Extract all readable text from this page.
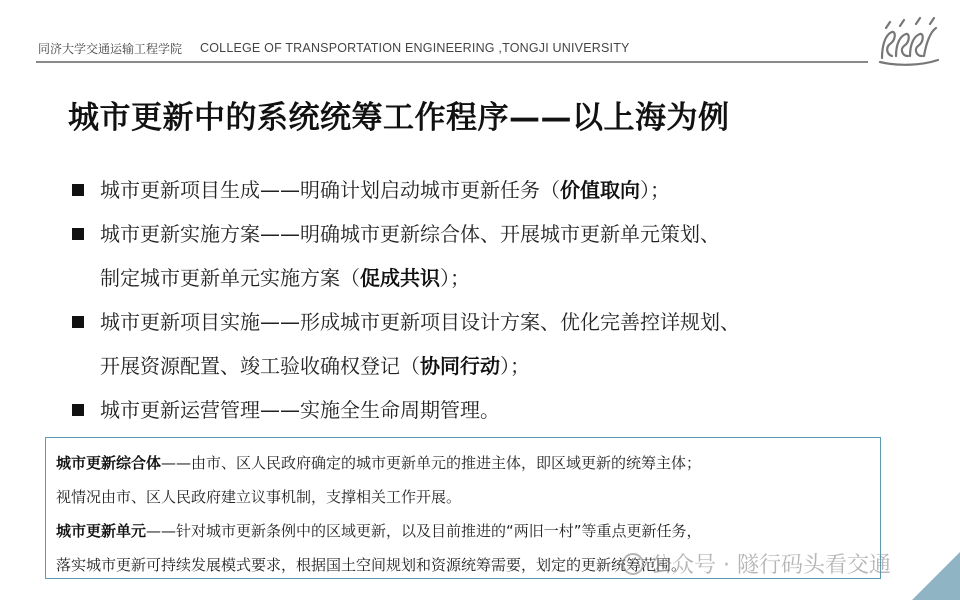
同济大学交通运输工程学院 COLLEGE OF TRANSPORTATION ENGINEERING ,TONGJI UNIVERSITY
城市更新中的系统统筹工作程序——以上海为例
城市更新项目生成——明确计划启动城市更新任务（价值取向）；
城市更新实施方案——明确城市更新综合体、开展城市更新单元策划、
制定城市更新单元实施方案（促成共识）；
城市更新项目实施——形成城市更新项目设计方案、优化完善控详规划、
开展资源配置、竣工验收确权登记（协同行动）；
城市更新运营管理——实施全生命周期管理。
城市更新综合体——由市、区人民政府确定的城市更新单元的推进主体，即区域更新的统筹主体；
视情况由市、区人民政府建立议事机制，支撑相关工作开展。
城市更新单元——针对城市更新条例中的区域更新，以及目前推进的“两旧一村”等重点更新任务，
落实城市更新可持续发展模式要求，根据国土空间规划和资源统筹需要，划定的更新统筹范围。
公众号 · 隧行码头看交通
